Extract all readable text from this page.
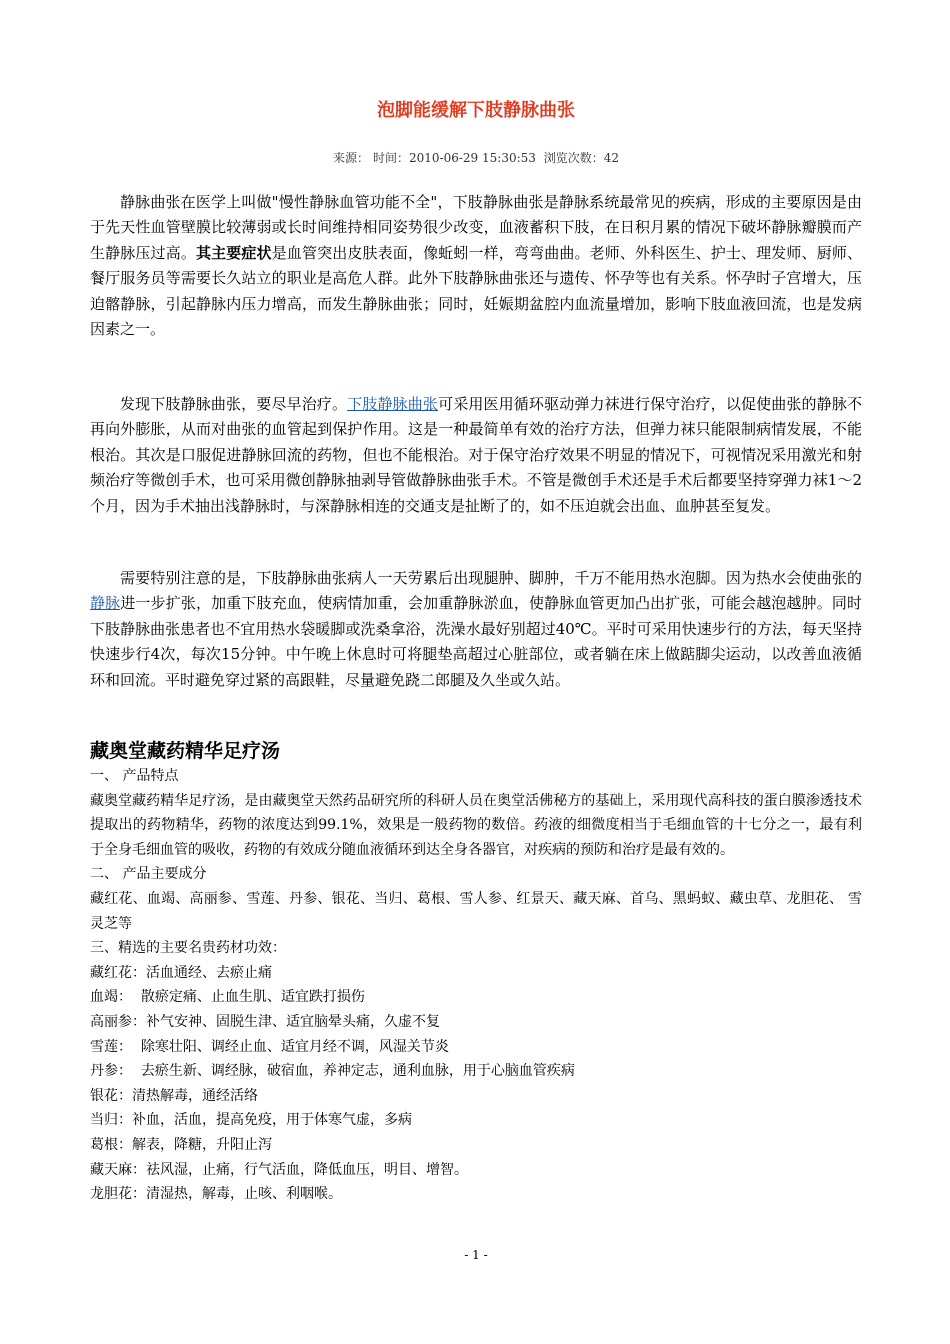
泡脚能缓解下肢静脉曲张
来源： 时间：2010-06-29 15:30:53 浏览次数：42
静脉曲张在医学上叫做"慢性静脉血管功能不全"，下肢静脉曲张是静脉系统最常见的疾病，形成的主要原因是由于先天性血管壁膜比较薄弱或长时间维持相同姿势很少改变，血液蓄积下肢，在日积月累的情况下破坏静脉瓣膜而产生静脉压过高。其主要症状是血管突出皮肤表面，像蚯蚓一样，弯弯曲曲。老师、外科医生、护士、理发师、厨师、餐厅服务员等需要长久站立的职业是高危人群。此外下肢静脉曲张还与遗传、怀孕等也有关系。怀孕时子宫增大，压迫髂静脉，引起静脉内压力增高，而发生静脉曲张；同时，妊娠期盆腔内血流量增加，影响下肢血液回流，也是发病因素之一。
发现下肢静脉曲张，要尽早治疗。下肢静脉曲张可采用医用循环驱动弹力袜进行保守治疗，以促使曲张的静脉不再向外膨胀，从而对曲张的血管起到保护作用。这是一种最简单有效的治疗方法，但弹力袜只能限制病情发展，不能根治。其次是口服促进静脉回流的药物，但也不能根治。对于保守治疗效果不明显的情况下，可视情况采用激光和射频治疗等微创手术，也可采用微创静脉抽剥导管做静脉曲张手术。不管是微创手术还是手术后都要坚持穿弹力袜1～2个月，因为手术抽出浅静脉时，与深静脉相连的交通支是扯断了的，如不压迫就会出血、血肿甚至复发。
需要特别注意的是，下肢静脉曲张病人一天劳累后出现腿肿、脚肿，千万不能用热水泡脚。因为热水会使曲张的静脉进一步扩张，加重下肢充血，使病情加重，会加重静脉淤血，使静脉血管更加凸出扩张，可能会越泡越肿。同时下肢静脉曲张患者也不宜用热水袋暖脚或洗桑拿浴，洗澡水最好别超过40℃。平时可采用快速步行的方法，每天坚持快速步行4次，每次15分钟。中午晚上休息时可将腿垫高超过心脏部位，或者躺在床上做踮脚尖运动，以改善血液循环和回流。平时避免穿过紧的高跟鞋，尽量避免跷二郎腿及久坐或久站。
藏奥堂藏药精华足疗汤
一、 产品特点
藏奥堂藏药精华足疗汤，是由藏奥堂天然药品研究所的科研人员在奥堂活佛秘方的基础上，采用现代高科技的蛋白膜渗透技术提取出的药物精华，药物的浓度达到99.1%，效果是一般药物的数倍。药液的细微度相当于毛细血管的十七分之一，最有利于全身毛细血管的吸收，药物的有效成分随血液循环到达全身各器官，对疾病的预防和治疗是最有效的。
二、 产品主要成分
藏红花、血竭、高丽参、雪莲、丹参、银花、当归、葛根、雪人参、红景天、藏天麻、首乌、黑蚂蚁、藏虫草、龙胆花、 雪灵芝等
三、精选的主要名贵药材功效：
藏红花：活血通经、去瘀止痛
血竭：  散瘀定痛、止血生肌、适宜跌打损伤
高丽参：补气安神、固脱生津、适宜脑晕头痛，久虚不复
雪莲：  除寒壮阳、调经止血、适宜月经不调，风湿关节炎
丹参：  去瘀生新、调经脉，破宿血，养神定志，通利血脉，用于心脑血管疾病
银花：清热解毒，通经活络
当归：补血，活血，提高免疫，用于体寒气虚，多病
葛根：解表，降糖，升阳止泻
藏天麻：祛风湿，止痛，行气活血，降低血压，明目、增智。
龙胆花：清湿热，解毒，止咳、利咽喉。
- 1 -
